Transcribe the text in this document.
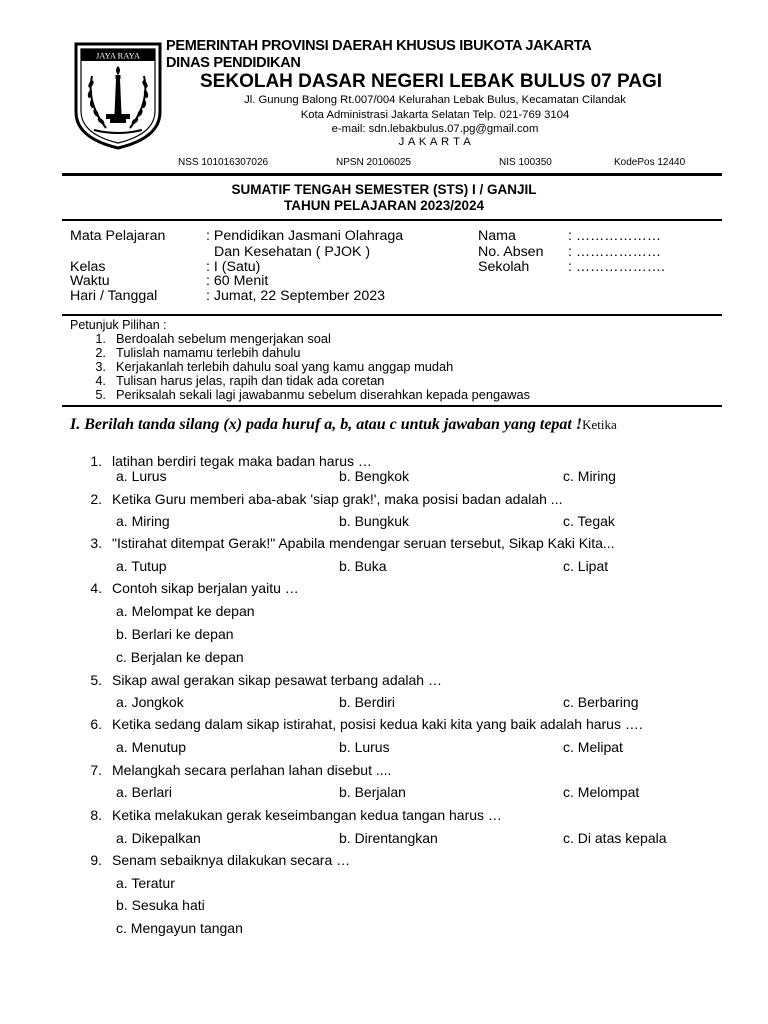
JAYA RAYA
PEMERINTAH PROVINSI DAERAH KHUSUS IBUKOTA JAKARTA
DINAS PENDIDIKAN
SEKOLAH DASAR NEGERI LEBAK BULUS 07 PAGI
Jl. Gunung Balong Rt.007/004 Kelurahan Lebak Bulus, Kecamatan Cilandak
Kota Administrasi Jakarta Selatan Telp. 021-769 3104
e-mail: sdn.lebakbulus.07.pg@gmail.com
J A K A R T A
NSS 101016307026	NPSN 20106025	NIS 100350	KodePos 12440
SUMATIF TENGAH SEMESTER (STS) I / GANJIL
TAHUN PELAJARAN 2023/2024
Mata Pelajaran	: Pendidikan Jasmani Olahraga
Dan Kesehatan ( PJOK )
Kelas	: I (Satu)
Waktu	: 60 Menit
Hari / Tanggal	: Jumat, 22 September 2023
Nama	: ………………
No. Absen : ………………
Sekolah	: ……………….
Petunjuk Pilihan :
1. Berdoalah sebelum mengerjakan soal
2. Tulislah namamu terlebih dahulu
3. Kerjakanlah terlebih dahulu soal yang kamu anggap mudah
4. Tulisan harus jelas, rapih dan tidak ada coretan
5. Periksalah sekali lagi jawabanmu sebelum diserahkan kepada pengawas
I. Berilah tanda silang (x) pada huruf a, b, atau c untuk jawaban yang tepat !Ketika
1. latihan berdiri tegak maka badan harus …
a. Lurus	b. Bengkok	c. Miring
2. Ketika Guru memberi aba-abak 'siap grak!', maka posisi badan adalah ...
a. Miring	b. Bungkuk	c. Tegak
3. "Istirahat ditempat Gerak!" Apabila mendengar seruan tersebut, Sikap Kaki Kita...
a. Tutup	b. Buka	c. Lipat
4. Contoh sikap berjalan yaitu …
a. Melompat ke depan
b. Berlari ke depan
c. Berjalan ke depan
5. Sikap awal gerakan sikap pesawat terbang adalah …
a. Jongkok	b. Berdiri	c. Berbaring
6. Ketika sedang dalam sikap istirahat, posisi kedua kaki kita yang baik adalah harus ….
a. Menutup	b. Lurus	c. Melipat
7. Melangkah secara perlahan lahan disebut ....
a. Berlari	b. Berjalan	c. Melompat
8. Ketika melakukan gerak keseimbangan kedua tangan harus …
a. Dikepalkan	b. Direntangkan	c. Di atas kepala
9. Senam sebaiknya dilakukan secara …
a. Teratur
b. Sesuka hati
c. Mengayun tangan
